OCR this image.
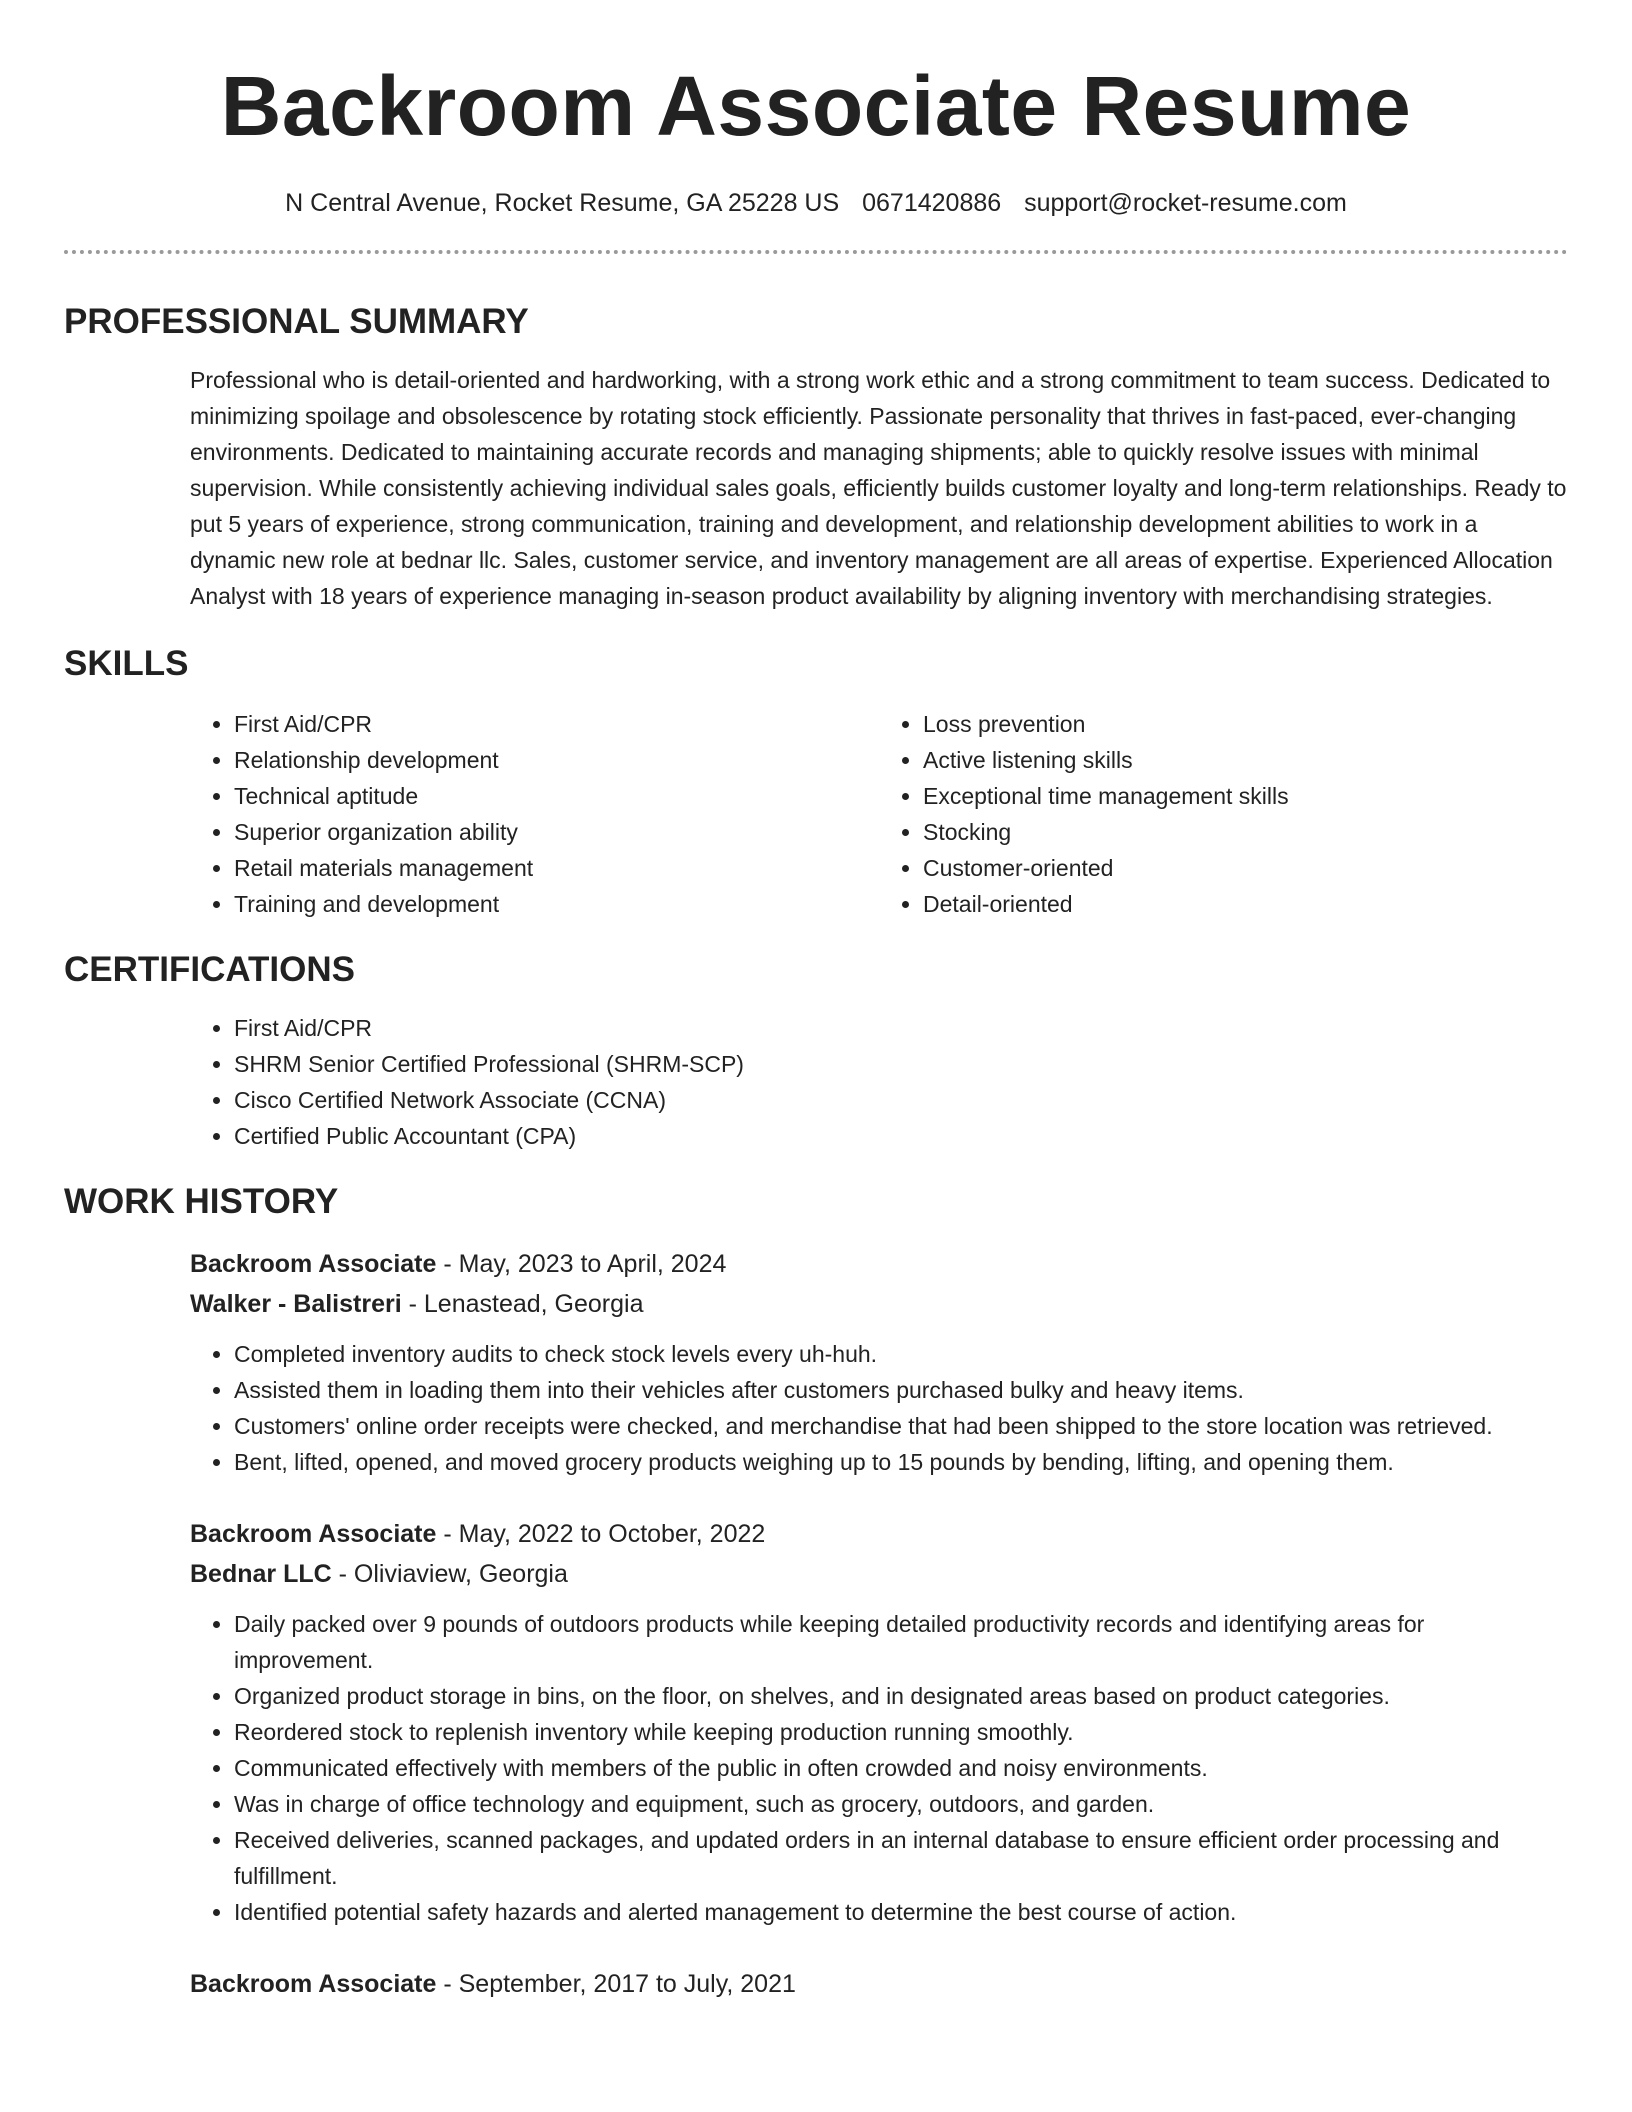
Backroom Associate Resume
N Central Avenue, Rocket Resume, GA 25228 US 0671420886 support@rocket-resume.com
PROFESSIONAL SUMMARY
Professional who is detail-oriented and hardworking, with a strong work ethic and a strong commitment to team success. Dedicated to minimizing spoilage and obsolescence by rotating stock efficiently. Passionate personality that thrives in fast-paced, ever-changing environments. Dedicated to maintaining accurate records and managing shipments; able to quickly resolve issues with minimal supervision. While consistently achieving individual sales goals, efficiently builds customer loyalty and long-term relationships. Ready to put 5 years of experience, strong communication, training and development, and relationship development abilities to work in a dynamic new role at bednar llc. Sales, customer service, and inventory management are all areas of expertise. Experienced Allocation Analyst with 18 years of experience managing in-season product availability by aligning inventory with merchandising strategies.
SKILLS
• First Aid/CPR
• Relationship development
• Technical aptitude
• Superior organization ability
• Retail materials management
• Training and development
• Loss prevention
• Active listening skills
• Exceptional time management skills
• Stocking
• Customer-oriented
• Detail-oriented
CERTIFICATIONS
• First Aid/CPR
• SHRM Senior Certified Professional (SHRM-SCP)
• Cisco Certified Network Associate (CCNA)
• Certified Public Accountant (CPA)
WORK HISTORY
Backroom Associate - May, 2023 to April, 2024
Walker - Balistreri - Lenastead, Georgia
• Completed inventory audits to check stock levels every uh-huh.
• Assisted them in loading them into their vehicles after customers purchased bulky and heavy items.
• Customers' online order receipts were checked, and merchandise that had been shipped to the store location was retrieved.
• Bent, lifted, opened, and moved grocery products weighing up to 15 pounds by bending, lifting, and opening them.
Backroom Associate - May, 2022 to October, 2022
Bednar LLC - Oliviaview, Georgia
• Daily packed over 9 pounds of outdoors products while keeping detailed productivity records and identifying areas for improvement.
• Organized product storage in bins, on the floor, on shelves, and in designated areas based on product categories.
• Reordered stock to replenish inventory while keeping production running smoothly.
• Communicated effectively with members of the public in often crowded and noisy environments.
• Was in charge of office technology and equipment, such as grocery, outdoors, and garden.
• Received deliveries, scanned packages, and updated orders in an internal database to ensure efficient order processing and fulfillment.
• Identified potential safety hazards and alerted management to determine the best course of action.
Backroom Associate - September, 2017 to July, 2021
